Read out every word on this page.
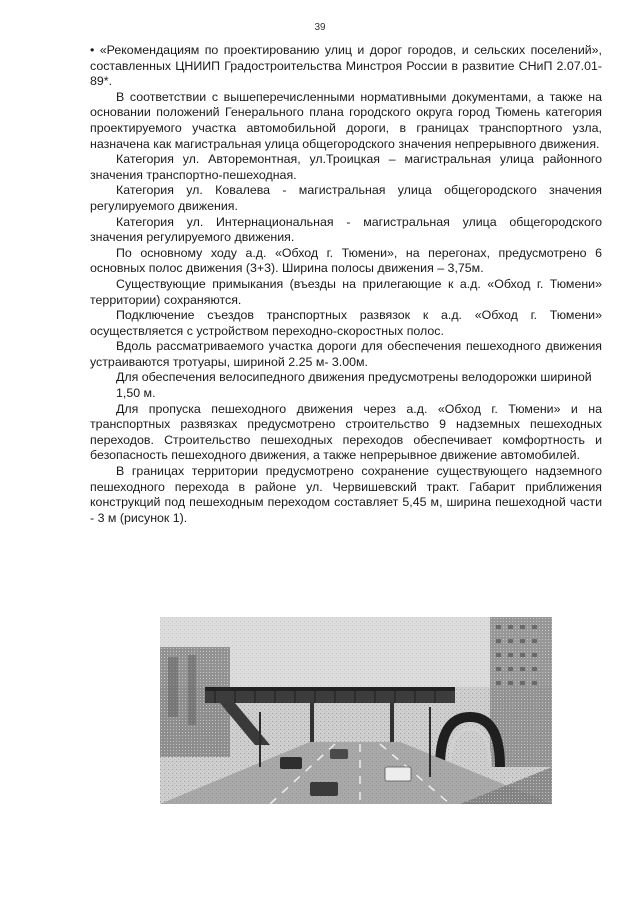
39

• «Рекомендациям по проектированию улиц и дорог городов, и сельских поселений», составленных ЦНИИП Градостроительства Минстроя России в развитие СНиП 2.07.01-89*.

В соответствии с вышеперечисленными нормативными документами, а также на основании положений Генерального плана городского округа город Тюмень категория проектируемого участка автомобильной дороги, в границах транспортного узла, назначена как магистральная улица общегородского значения непрерывного движения.

Категория ул. Авторемонтная, ул.Троицкая – магистральная улица районного значения транспортно-пешеходная.

Категория ул. Ковалева - магистральная улица общегородского значения регулируемого движения.

Категория ул. Интернациональная - магистральная улица общегородского значения регулируемого движения.

По основному ходу а.д. «Обход г. Тюмени», на перегонах, предусмотрено 6 основных полос движения (3+3). Ширина полосы движения – 3,75м.

Существующие примыкания (въезды на прилегающие к а.д. «Обход г. Тюмени» территории) сохраняются.

Подключение съездов транспортных развязок к а.д. «Обход г. Тюмени» осуществляется с устройством переходно-скоростных полос.

Вдоль рассматриваемого участка дороги для обеспечения пешеходного движения устраиваются тротуары, шириной 2.25 м- 3.00м.

Для обеспечения велосипедного движения предусмотрены велодорожки шириной

1,50 м.

Для пропуска пешеходного движения через а.д. «Обход г. Тюмени» и на транспортных развязках предусмотрено строительство 9 надземных пешеходных переходов. Строительство пешеходных переходов обеспечивает комфортность и безопасность пешеходного движения, а также непрерывное движение автомобилей.

В границах территории предусмотрено сохранение существующего надземного пешеходного перехода в районе ул. Червишевский тракт. Габарит приближения конструкций под пешеходным переходом составляет 5,45 м, ширина пешеходной части - 3 м (рисунок 1).
